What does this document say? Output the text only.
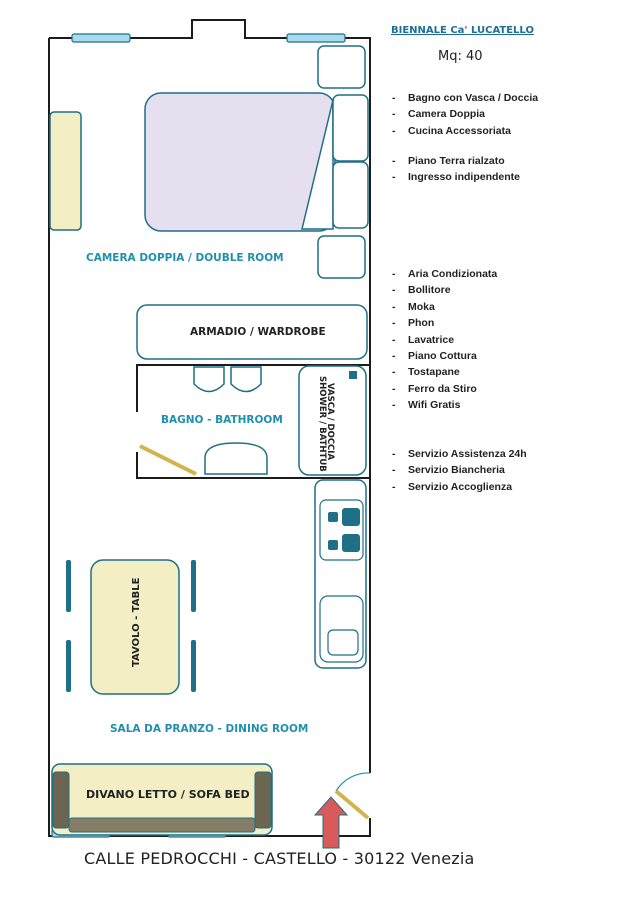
BIENNALE Ca' LUCATELLO
Mq: 40
- Bagno con Vasca / Doccia
- Camera Doppia
- Cucina Accessoriata
- Piano Terra rialzato
- Ingresso indipendente
- Aria Condizionata
- Bollitore
- Moka
- Phon
- Lavatrice
- Piano Cottura
- Tostapane
- Ferro da Stiro
- Wifi Gratis
- Servizio Assistenza 24h
- Servizio Biancheria
- Servizio Accoglienza
CAMERA DOPPIA / DOUBLE ROOM
ARMADIO / WARDROBE
BAGNO - BATHROOM	VASCA / DOCCIA
SHOWER / BATHTUB
TAVOLO - TABLE
SALA DA PRANZO - DINING ROOM
DIVANO LETTO / SOFA BED
CALLE PEDROCCHI - CASTELLO - 30122 Venezia
